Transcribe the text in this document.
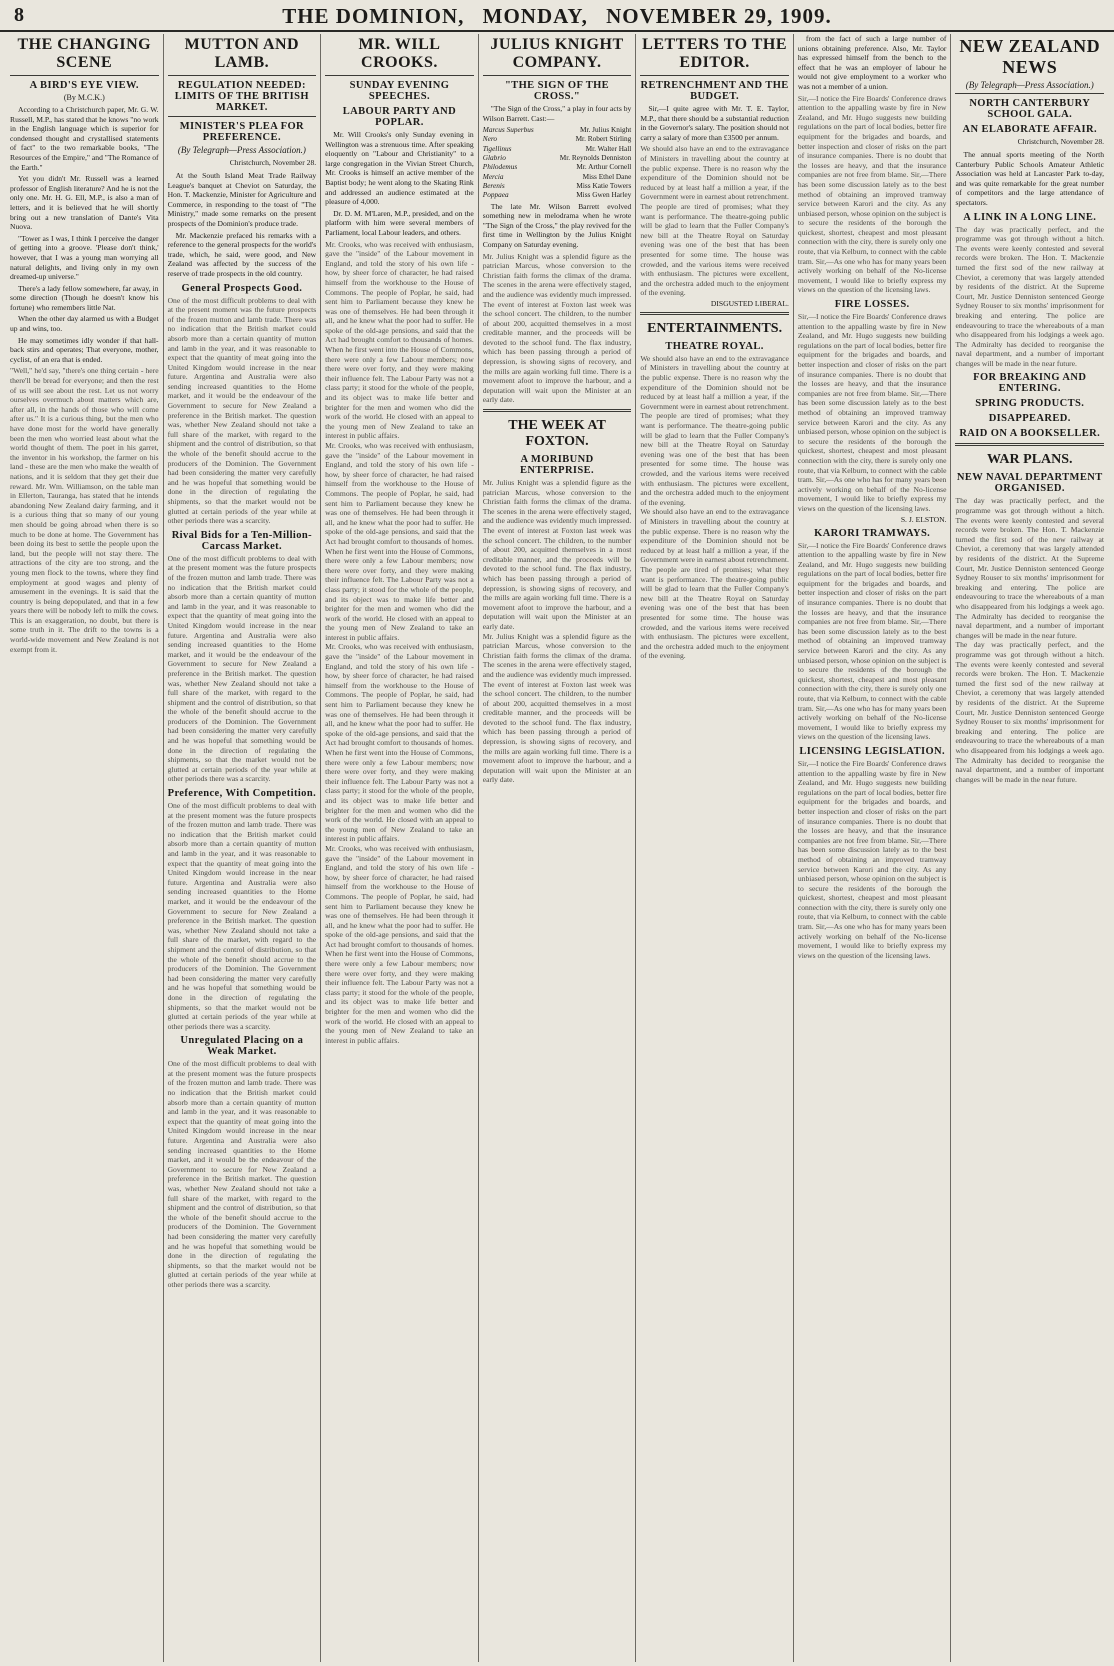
8	THE DOMINION, MONDAY, NOVEMBER 29, 1909.
THE CHANGING SCENE
A BIRD'S EYE VIEW.
(By M.C.K.)

According to a Christchurch paper, Mr. G. W. Russell, M.P., has stated that he knows "no work in the English language which is superior for condensed thought and crystallised statements of fact" to the two remarkable books, "The Resources of the Empire," and "The Romance of the Earth."

Yet you didn't Mr. Russell was a learned professor of English literature? And he is not the only one. Mr. H. G. Ell, M.P., is also a man of letters, and it is believed that he will shortly bring out a new translation of Dante's Vita Nuova.

"Tower as I was, I think I perceive the danger of getting into a groove. 'Please don't think,' however, that I was a young man worrying all natural delights, and living only in my own dreamed-up universe."

There's a lady fellow somewhere, far away, in some direction (Though he doesn't know his fortune) who remembers little Nat.

When the other day alarmed us with a Budget up and wins, too.

He may sometimes idly wonder if that hall-back stirs and operates; That everyone, mother, cyclist, of an era that is ended.

"Well," he'd say, "there's one thing certain - here there'll be bread for everyone; and then the rest of us will see about the rest. Let us not worry ourselves overmuch about matters which are, after all, in the hands of those who will come after us." It is a curious thing, but the men who have done most for the world have generally been the men who worried least about what the world thought of them. The poet in his garret, the inventor in his workshop, the farmer on his land - these are the men who make the wealth of nations, and it is seldom that they get their due reward. Mr. Wm. Williamson, on the table man in Ellerton, Tauranga, has stated that he intends abandoning New Zealand dairy farming, and it is a curious thing that so many of our young men should be going abroad when there is so much to be done at home. The Government has been doing its best to settle the people upon the land, but the people will not stay there. The attractions of the city are too strong, and the young men flock to the towns, where they find employment at good wages and plenty of amusement in the evenings. It is said that the country is being depopulated, and that in a few years there will be nobody left to milk the cows. This is an exaggeration, no doubt, but there is some truth in it. The drift to the towns is a world-wide movement and New Zealand is not exempt from it.
MUTTON AND LAMB.
REGULATION NEEDED: LIMITS OF THE BRITISH MARKET.
MINISTER'S PLEA FOR PREFERENCE.
(By Telegraph—Press Association.)
Christchurch, November 28.

At the South Island Meat Trade Railway League's banquet at Cheviot on Saturday, the Hon. T. Mackenzie, Minister for Agriculture and Commerce, in responding to the toast of "The Ministry," made some remarks on the present prospects of the Dominion's produce trade.

Mr. Mackenzie prefaced his remarks with a reference to the general prospects for the world's trade, which, he said, were good, and New Zealand was affected by the success of the reserve of trade prospects in the old country.

General Prospects Good.
One of the most difficult problems to deal with at the present moment was the future prospects of the frozen mutton and lamb trade. There was no indication that the British market could absorb more than a certain quantity of mutton and lamb in the year, and it was reasonable to expect that the quantity of meat going into the United Kingdom would increase in the near future. Argentina and Australia were also sending increased quantities to the Home market, and it would be the endeavour of the Government to secure for New Zealand a preference in the British market. The question was, whether New Zealand should not take a full share of the market, with regard to the shipment and the control of distribution, so that the whole of the benefit should accrue to the producers of the Dominion. The Government had been considering the matter very carefully and he was hopeful that something would be done in the direction of regulating the shipments, so that the market would not be glutted at certain periods of the year while at other periods there was a scarcity.
Rival Bids for a Ten-Million-Carcass Market.
One of the most difficult problems to deal with at the present moment was the future prospects of the frozen mutton and lamb trade. There was no indication that the British market could absorb more than a certain quantity of mutton and lamb in the year, and it was reasonable to expect that the quantity of meat going into the United Kingdom would increase in the near future. Argentina and Australia were also sending increased quantities to the Home market, and it would be the endeavour of the Government to secure for New Zealand a preference in the British market. The question was, whether New Zealand should not take a full share of the market, with regard to the shipment and the control of distribution, so that the whole of the benefit should accrue to the producers of the Dominion. The Government had been considering the matter very carefully and he was hopeful that something would be done in the direction of regulating the shipments, so that the market would not be glutted at certain periods of the year while at other periods there was a scarcity.
Preference, With Competition.
One of the most difficult problems to deal with at the present moment was the future prospects of the frozen mutton and lamb trade. There was no indication that the British market could absorb more than a certain quantity of mutton and lamb in the year, and it was reasonable to expect that the quantity of meat going into the United Kingdom would increase in the near future. Argentina and Australia were also sending increased quantities to the Home market, and it would be the endeavour of the Government to secure for New Zealand a preference in the British market. The question was, whether New Zealand should not take a full share of the market, with regard to the shipment and the control of distribution, so that the whole of the benefit should accrue to the producers of the Dominion. The Government had been considering the matter very carefully and he was hopeful that something would be done in the direction of regulating the shipments, so that the market would not be glutted at certain periods of the year while at other periods there was a scarcity.
Unregulated Placing on a Weak Market.
One of the most difficult problems to deal with at the present moment was the future prospects of the frozen mutton and lamb trade. There was no indication that the British market could absorb more than a certain quantity of mutton and lamb in the year, and it was reasonable to expect that the quantity of meat going into the United Kingdom would increase in the near future. Argentina and Australia were also sending increased quantities to the Home market, and it would be the endeavour of the Government to secure for New Zealand a preference in the British market. The question was, whether New Zealand should not take a full share of the market, with regard to the shipment and the control of distribution, so that the whole of the benefit should accrue to the producers of the Dominion. The Government had been considering the matter very carefully and he was hopeful that something would be done in the direction of regulating the shipments, so that the market would not be glutted at certain periods of the year while at other periods there was a scarcity.
MR. WILL CROOKS.
SUNDAY EVENING SPEECHES.
LABOUR PARTY AND POPLAR.

Mr. Will Crooks's only Sunday evening in Wellington was a strenuous time. After speaking eloquently on "Labour and Christianity" to a large congregation in the Vivian Street Church, Mr. Crooks is himself an active member of the Baptist body; he went along to the Skating Rink and addressed an audience estimated at the pleasure of 4,000.

Dr. D. M. M'Laren, M.P., presided, and on the platform with him were several members of Parliament, local Labour leaders, and others.

Mr. Crooks, who was received with enthusiasm, gave the "inside" of the Labour movement in England, and told the story of his own life - how, by sheer force of character, he had raised himself from the workhouse to the House of Commons. The people of Poplar, he said, had sent him to Parliament because they knew he was one of themselves. He had been through it all, and he knew what the poor had to suffer. He spoke of the old-age pensions, and said that the Act had brought comfort to thousands of homes. When he first went into the House of Commons, there were only a few Labour members; now there were over forty, and they were making their influence felt. The Labour Party was not a class party; it stood for the whole of the people, and its object was to make life better and brighter for the men and women who did the work of the world. He closed with an appeal to the young men of New Zealand to take an interest in public affairs.
Mr. Crooks, who was received with enthusiasm, gave the "inside" of the Labour movement in England, and told the story of his own life - how, by sheer force of character, he had raised himself from the workhouse to the House of Commons. The people of Poplar, he said, had sent him to Parliament because they knew he was one of themselves. He had been through it all, and he knew what the poor had to suffer. He spoke of the old-age pensions, and said that the Act had brought comfort to thousands of homes. When he first went into the House of Commons, there were only a few Labour members; now there were over forty, and they were making their influence felt. The Labour Party was not a class party; it stood for the whole of the people, and its object was to make life better and brighter for the men and women who did the work of the world. He closed with an appeal to the young men of New Zealand to take an interest in public affairs.
Mr. Crooks, who was received with enthusiasm, gave the "inside" of the Labour movement in England, and told the story of his own life - how, by sheer force of character, he had raised himself from the workhouse to the House of Commons. The people of Poplar, he said, had sent him to Parliament because they knew he was one of themselves. He had been through it all, and he knew what the poor had to suffer. He spoke of the old-age pensions, and said that the Act had brought comfort to thousands of homes. When he first went into the House of Commons, there were only a few Labour members; now there were over forty, and they were making their influence felt. The Labour Party was not a class party; it stood for the whole of the people, and its object was to make life better and brighter for the men and women who did the work of the world. He closed with an appeal to the young men of New Zealand to take an interest in public affairs.
Mr. Crooks, who was received with enthusiasm, gave the "inside" of the Labour movement in England, and told the story of his own life - how, by sheer force of character, he had raised himself from the workhouse to the House of Commons. The people of Poplar, he said, had sent him to Parliament because they knew he was one of themselves. He had been through it all, and he knew what the poor had to suffer. He spoke of the old-age pensions, and said that the Act had brought comfort to thousands of homes. When he first went into the House of Commons, there were only a few Labour members; now there were over forty, and they were making their influence felt. The Labour Party was not a class party; it stood for the whole of the people, and its object was to make life better and brighter for the men and women who did the work of the world. He closed with an appeal to the young men of New Zealand to take an interest in public affairs.
JULIUS KNIGHT COMPANY.
"THE SIGN OF THE CROSS."

"The Sign of the Cross," a play in four acts by Wilson Barrett. Cast:—

Marcus Superbus	Mr. Julius Knight
Nero	Mr. Robert Stirling
Tigellinus	Mr. Walter Hall
Glabrio	Mr. Reynolds Denniston
Philodemus	Mr. Arthur Cornell
Mercia	Miss Ethel Dane
Berenis	Miss Katie Towers
Poppaea	Miss Gwen Harley

The late Mr. Wilson Barrett evolved something new in melodrama when he wrote "The Sign of the Cross," the play revived for the first time in Wellington by the Julius Knight Company on Saturday evening.

Mr. Julius Knight was a splendid figure as the patrician Marcus, whose conversion to the Christian faith forms the climax of the drama. The scenes in the arena were effectively staged, and the audience was evidently much impressed. The event of interest at Foxton last week was the school concert. The children, to the number of about 200, acquitted themselves in a most creditable manner, and the proceeds will be devoted to the school fund. The flax industry, which has been passing through a period of depression, is showing signs of recovery, and the mills are again working full time. There is a movement afoot to improve the harbour, and a deputation will wait upon the Minister at an early date.
THE WEEK AT FOXTON.
A MORIBUND ENTERPRISE.
Mr. Julius Knight was a splendid figure as the patrician Marcus, whose conversion to the Christian faith forms the climax of the drama. The scenes in the arena were effectively staged, and the audience was evidently much impressed. The event of interest at Foxton last week was the school concert. The children, to the number of about 200, acquitted themselves in a most creditable manner, and the proceeds will be devoted to the school fund. The flax industry, which has been passing through a period of depression, is showing signs of recovery, and the mills are again working full time. There is a movement afoot to improve the harbour, and a deputation will wait upon the Minister at an early date.
Mr. Julius Knight was a splendid figure as the patrician Marcus, whose conversion to the Christian faith forms the climax of the drama. The scenes in the arena were effectively staged, and the audience was evidently much impressed. The event of interest at Foxton last week was the school concert. The children, to the number of about 200, acquitted themselves in a most creditable manner, and the proceeds will be devoted to the school fund. The flax industry, which has been passing through a period of depression, is showing signs of recovery, and the mills are again working full time. There is a movement afoot to improve the harbour, and a deputation will wait upon the Minister at an early date.
LETTERS TO THE EDITOR.
RETRENCHMENT AND THE BUDGET.

Sir,—I quite agree with Mr. T. E. Taylor, M.P., that there should be a substantial reduction in the Governor's salary. The position should not carry a salary of more than £3500 per annum.

We should also have an end to the extravagance of Ministers in travelling about the country at the public expense. There is no reason why the expenditure of the Dominion should not be reduced by at least half a million a year, if the Government were in earnest about retrenchment. The people are tired of promises; what they want is performance. The theatre-going public will be glad to learn that the Fuller Company's new bill at the Theatre Royal on Saturday evening was one of the best that has been presented for some time. The house was crowded, and the various items were received with enthusiasm. The pictures were excellent, and the orchestra added much to the enjoyment of the evening.
DISGUSTED LIBERAL.
ENTERTAINMENTS.
THEATRE ROYAL.
We should also have an end to the extravagance of Ministers in travelling about the country at the public expense. There is no reason why the expenditure of the Dominion should not be reduced by at least half a million a year, if the Government were in earnest about retrenchment. The people are tired of promises; what they want is performance. The theatre-going public will be glad to learn that the Fuller Company's new bill at the Theatre Royal on Saturday evening was one of the best that has been presented for some time. The house was crowded, and the various items were received with enthusiasm. The pictures were excellent, and the orchestra added much to the enjoyment of the evening.
We should also have an end to the extravagance of Ministers in travelling about the country at the public expense. There is no reason why the expenditure of the Dominion should not be reduced by at least half a million a year, if the Government were in earnest about retrenchment. The people are tired of promises; what they want is performance. The theatre-going public will be glad to learn that the Fuller Company's new bill at the Theatre Royal on Saturday evening was one of the best that has been presented for some time. The house was crowded, and the various items were received with enthusiasm. The pictures were excellent, and the orchestra added much to the enjoyment of the evening.

from the fact of such a large number of unions obtaining preference. Also, Mr. Taylor has expressed himself from the bench to the effect that he was an employer of labour he would not give employment to a worker who was not a member of a union.

Sir,—I notice the Fire Boards' Conference draws attention to the appalling waste by fire in New Zealand, and Mr. Hugo suggests new building regulations on the part of local bodies, better fire equipment for the brigades and boards, and better inspection and closer of risks on the part of insurance companies. There is no doubt that the losses are heavy, and that the insurance companies are not free from blame. Sir,—There has been some discussion lately as to the best method of obtaining an improved tramway service between Karori and the city. As any unbiased person, whose opinion on the subject is to secure the residents of the borough the quickest, shortest, cheapest and most pleasant connection with the city, there is surely only one route, that via Kelburn, to connect with the cable tram. Sir,—As one who has for many years been actively working on behalf of the No-license movement, I would like to briefly express my views on the question of the licensing laws.
FIRE LOSSES.
Sir,—I notice the Fire Boards' Conference draws attention to the appalling waste by fire in New Zealand, and Mr. Hugo suggests new building regulations on the part of local bodies, better fire equipment for the brigades and boards, and better inspection and closer of risks on the part of insurance companies. There is no doubt that the losses are heavy, and that the insurance companies are not free from blame. Sir,—There has been some discussion lately as to the best method of obtaining an improved tramway service between Karori and the city. As any unbiased person, whose opinion on the subject is to secure the residents of the borough the quickest, shortest, cheapest and most pleasant connection with the city, there is surely only one route, that via Kelburn, to connect with the cable tram. Sir,—As one who has for many years been actively working on behalf of the No-license movement, I would like to briefly express my views on the question of the licensing laws.
S. J. ELSTON.
KARORI TRAMWAYS.
Sir,—I notice the Fire Boards' Conference draws attention to the appalling waste by fire in New Zealand, and Mr. Hugo suggests new building regulations on the part of local bodies, better fire equipment for the brigades and boards, and better inspection and closer of risks on the part of insurance companies. There is no doubt that the losses are heavy, and that the insurance companies are not free from blame. Sir,—There has been some discussion lately as to the best method of obtaining an improved tramway service between Karori and the city. As any unbiased person, whose opinion on the subject is to secure the residents of the borough the quickest, shortest, cheapest and most pleasant connection with the city, there is surely only one route, that via Kelburn, to connect with the cable tram. Sir,—As one who has for many years been actively working on behalf of the No-license movement, I would like to briefly express my views on the question of the licensing laws.
LICENSING LEGISLATION.
Sir,—I notice the Fire Boards' Conference draws attention to the appalling waste by fire in New Zealand, and Mr. Hugo suggests new building regulations on the part of local bodies, better fire equipment for the brigades and boards, and better inspection and closer of risks on the part of insurance companies. There is no doubt that the losses are heavy, and that the insurance companies are not free from blame. Sir,—There has been some discussion lately as to the best method of obtaining an improved tramway service between Karori and the city. As any unbiased person, whose opinion on the subject is to secure the residents of the borough the quickest, shortest, cheapest and most pleasant connection with the city, there is surely only one route, that via Kelburn, to connect with the cable tram. Sir,—As one who has for many years been actively working on behalf of the No-license movement, I would like to briefly express my views on the question of the licensing laws.
NEW ZEALAND NEWS
(By Telegraph—Press Association.)
NORTH CANTERBURY SCHOOL GALA.
AN ELABORATE AFFAIR.
Christchurch, November 28.

The annual sports meeting of the North Canterbury Public Schools Amateur Athletic Association was held at Lancaster Park to-day, and was quite remarkable for the great number of competitors and the large attendance of spectators.

A LINK IN A LONG LINE.
The day was practically perfect, and the programme was got through without a hitch. The events were keenly contested and several records were broken. The Hon. T. Mackenzie turned the first sod of the new railway at Cheviot, a ceremony that was largely attended by residents of the district. At the Supreme Court, Mr. Justice Denniston sentenced George Sydney Rouser to six months' imprisonment for breaking and entering. The police are endeavouring to trace the whereabouts of a man who disappeared from his lodgings a week ago. The Admiralty has decided to reorganise the naval department, and a number of important changes will be made in the near future.
FOR BREAKING AND ENTERING.
SPRING PRODUCTS.
DISAPPEARED.
RAID ON A BOOKSELLER.
WAR PLANS.
NEW NAVAL DEPARTMENT ORGANISED.
The day was practically perfect, and the programme was got through without a hitch. The events were keenly contested and several records were broken. The Hon. T. Mackenzie turned the first sod of the new railway at Cheviot, a ceremony that was largely attended by residents of the district. At the Supreme Court, Mr. Justice Denniston sentenced George Sydney Rouser to six months' imprisonment for breaking and entering. The police are endeavouring to trace the whereabouts of a man who disappeared from his lodgings a week ago. The Admiralty has decided to reorganise the naval department, and a number of important changes will be made in the near future.
The day was practically perfect, and the programme was got through without a hitch. The events were keenly contested and several records were broken. The Hon. T. Mackenzie turned the first sod of the new railway at Cheviot, a ceremony that was largely attended by residents of the district. At the Supreme Court, Mr. Justice Denniston sentenced George Sydney Rouser to six months' imprisonment for breaking and entering. The police are endeavouring to trace the whereabouts of a man who disappeared from his lodgings a week ago. The Admiralty has decided to reorganise the naval department, and a number of important changes will be made in the near future.
